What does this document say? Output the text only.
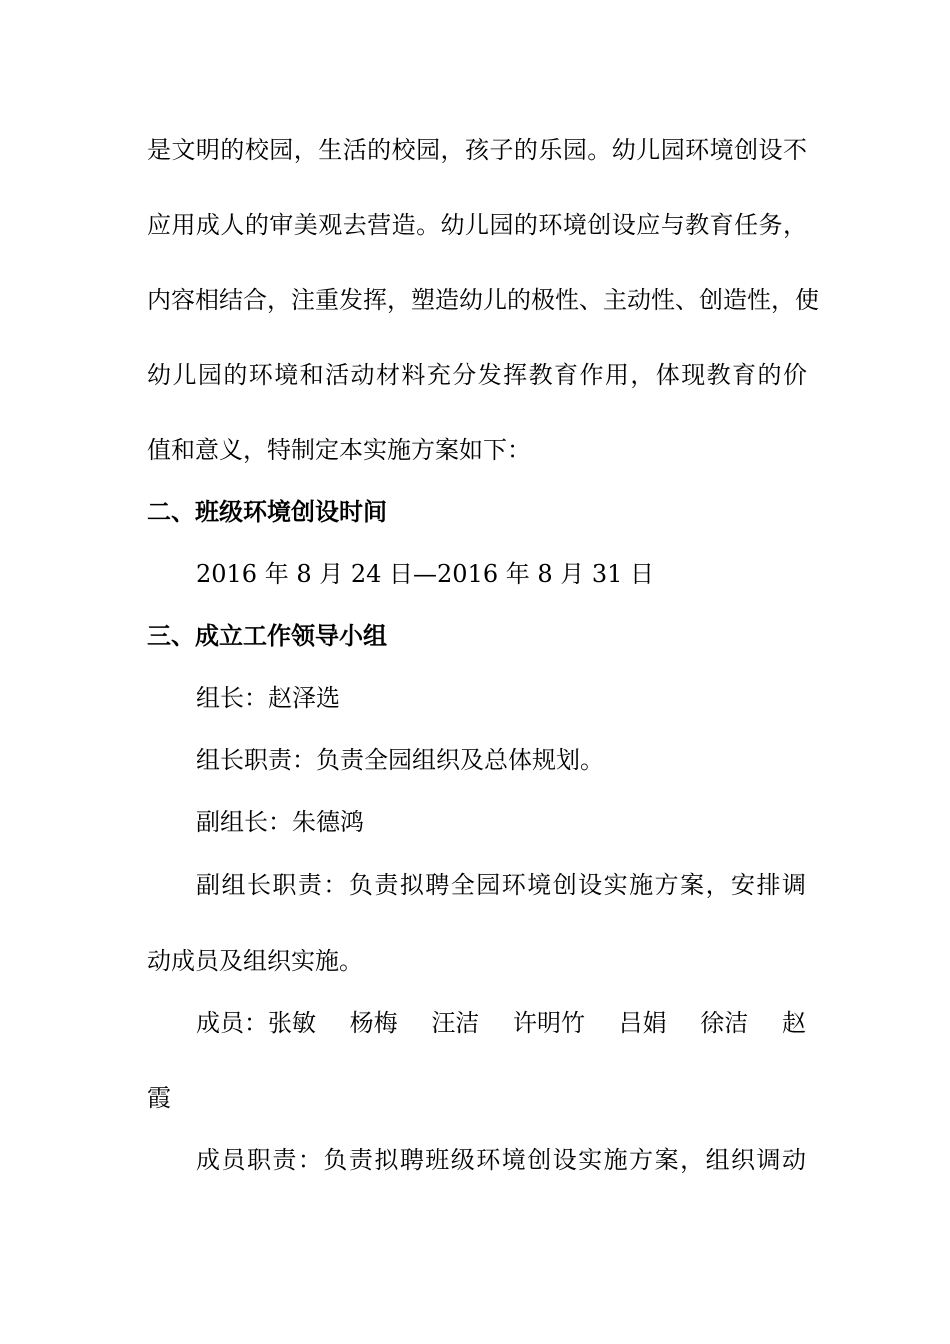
是文明的校园，生活的校园，孩子的乐园。幼儿园环境创设不
应用成人的审美观去营造。幼儿园的环境创设应与教育任务，
内容相结合，注重发挥，塑造幼儿的极性、主动性、创造性，使
幼儿园的环境和活动材料充分发挥教育作用，体现教育的价
值和意义，特制定本实施方案如下：
二、班级环境创设时间
2016 年 8 月 24 日—2016 年 8 月 31 日
三、成立工作领导小组
组长：赵泽选
组长职责：负责全园组织及总体规划。
副组长：朱德鸿
副组长职责：负责拟聘全园环境创设实施方案，安排调
动成员及组织实施。
成员：张敏 杨梅 汪洁 许明竹 吕娟 徐洁 赵
霞
成员职责：负责拟聘班级环境创设实施方案，组织调动
